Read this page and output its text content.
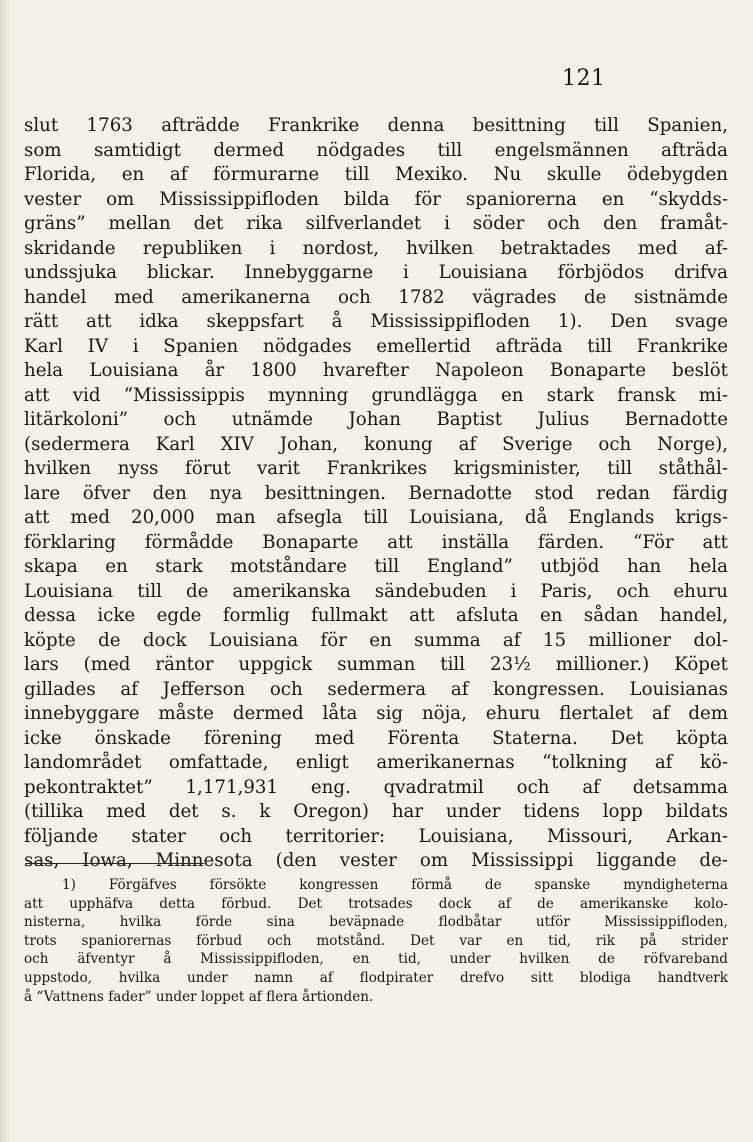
121
slut 1763 afträdde Frankrike denna besittning till Spanien,
som samtidigt dermed nödgades till engelsmännen afträda
Florida, en af förmurarne till Mexiko. Nu skulle ödebygden
vester om Mississippifloden bilda för spaniorerna en “skydds-
gräns” mellan det rika silfverlandet i söder och den framåt-
skridande republiken i nordost, hvilken betraktades med af-
undssjuka blickar. Innebyggarne i Louisiana förbjödos drifva
handel med amerikanerna och 1782 vägrades de sistnämde
rätt att idka skeppsfart å Mississippifloden 1). Den svage
Karl IV i Spanien nödgades emellertid afträda till Frankrike
hela Louisiana år 1800 hvarefter Napoleon Bonaparte beslöt
att vid “Mississippis mynning grundlägga en stark fransk mi-
litärkoloni” och utnämde Johan Baptist Julius Bernadotte
(sedermera Karl XIV Johan, konung af Sverige och Norge),
hvilken nyss förut varit Frankrikes krigsminister, till ståthål-
lare öfver den nya besittningen. Bernadotte stod redan färdig
att med 20,000 man afsegla till Louisiana, då Englands krigs-
förklaring förmådde Bonaparte att inställa färden. “För att
skapa en stark motståndare till England” utbjöd han hela
Louisiana till de amerikanska sändebuden i Paris, och ehuru
dessa icke egde formlig fullmakt att afsluta en sådan handel,
köpte de dock Louisiana för en summa af 15 millioner dol-
lars (med räntor uppgick summan till 23½ millioner.) Köpet
gillades af Jefferson och sedermera af kongressen. Louisianas
innebyggare måste dermed låta sig nöja, ehuru flertalet af dem
icke önskade förening med Förenta Staterna. Det köpta
landområdet omfattade, enligt amerikanernas “tolkning af kö-
pekontraktet” 1,171,931 eng. qvadratmil och af detsamma
(tillika med det s. k Oregon) har under tidens lopp bildats
följande stater och territorier: Louisiana, Missouri, Arkan-
sas, Iowa, Minnesota (den vester om Mississippi liggande de-
1) Förgäfves försökte kongressen förmå de spanske myndigheterna
att upphäfva detta förbud. Det trotsades dock af de amerikanske kolo-
nisterna, hvilka förde sina beväpnade flodbåtar utför Mississippifloden,
trots spaniorernas förbud och motstånd. Det var en tid, rik på strider
och äfventyr å Mississippifloden, en tid, under hvilken de röfvareband
uppstodo, hvilka under namn af flodpirater drefvo sitt blodiga handtverk
å “Vattnens fader” under loppet af flera årtionden.
